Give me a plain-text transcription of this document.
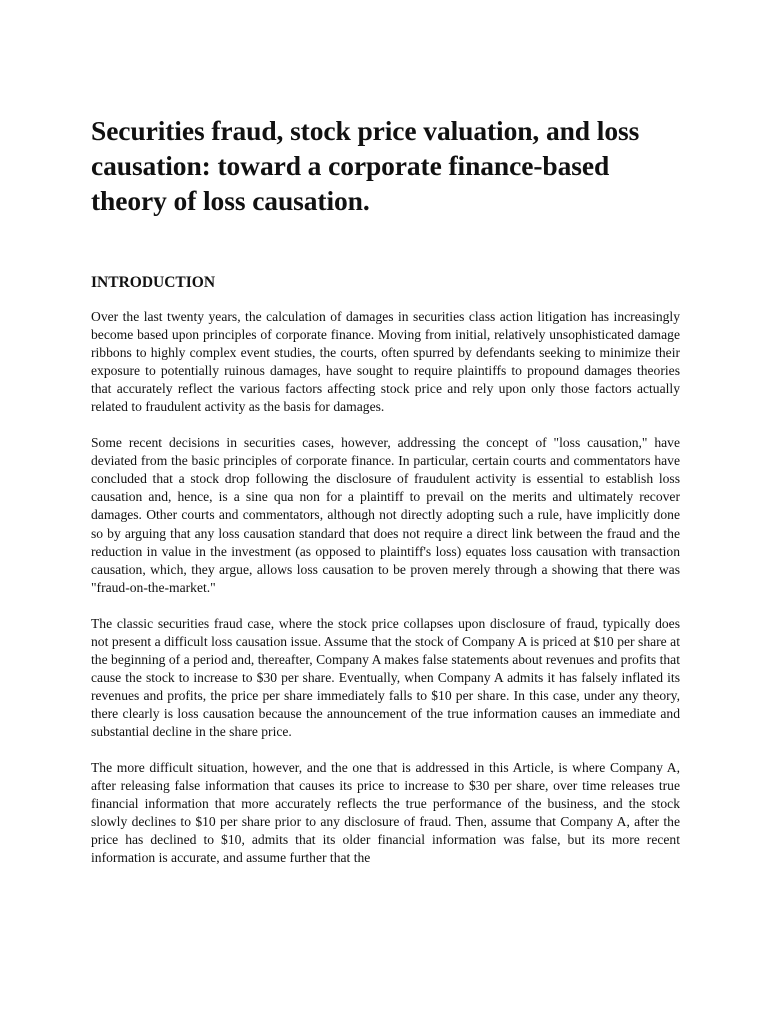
Securities fraud, stock price valuation, and loss causation: toward a corporate finance-based theory of loss causation.
INTRODUCTION

Over the last twenty years, the calculation of damages in securities class action litigation has increasingly become based upon principles of corporate finance. Moving from initial, relatively unsophisticated damage ribbons to highly complex event studies, the courts, often spurred by defendants seeking to minimize their exposure to potentially ruinous damages, have sought to require plaintiffs to propound damages theories that accurately reflect the various factors affecting stock price and rely upon only those factors actually related to fraudulent activity as the basis for damages.

Some recent decisions in securities cases, however, addressing the concept of "loss causation," have deviated from the basic principles of corporate finance. In particular, certain courts and commentators have concluded that a stock drop following the disclosure of fraudulent activity is essential to establish loss causation and, hence, is a sine qua non for a plaintiff to prevail on the merits and ultimately recover damages. Other courts and commentators, although not directly adopting such a rule, have implicitly done so by arguing that any loss causation standard that does not require a direct link between the fraud and the reduction in value in the investment (as opposed to plaintiff's loss) equates loss causation with transaction causation, which, they argue, allows loss causation to be proven merely through a showing that there was "fraud-on-the-market."

The classic securities fraud case, where the stock price collapses upon disclosure of fraud, typically does not present a difficult loss causation issue. Assume that the stock of Company A is priced at $10 per share at the beginning of a period and, thereafter, Company A makes false statements about revenues and profits that cause the stock to increase to $30 per share. Eventually, when Company A admits it has falsely inflated its revenues and profits, the price per share immediately falls to $10 per share. In this case, under any theory, there clearly is loss causation because the announcement of the true information causes an immediate and substantial decline in the share price.

The more difficult situation, however, and the one that is addressed in this Article, is where Company A, after releasing false information that causes its price to increase to $30 per share, over time releases true financial information that more accurately reflects the true performance of the business, and the stock slowly declines to $10 per share prior to any disclosure of fraud. Then, assume that Company A, after the price has declined to $10, admits that its older financial information was false, but its more recent information is accurate, and assume further that the
